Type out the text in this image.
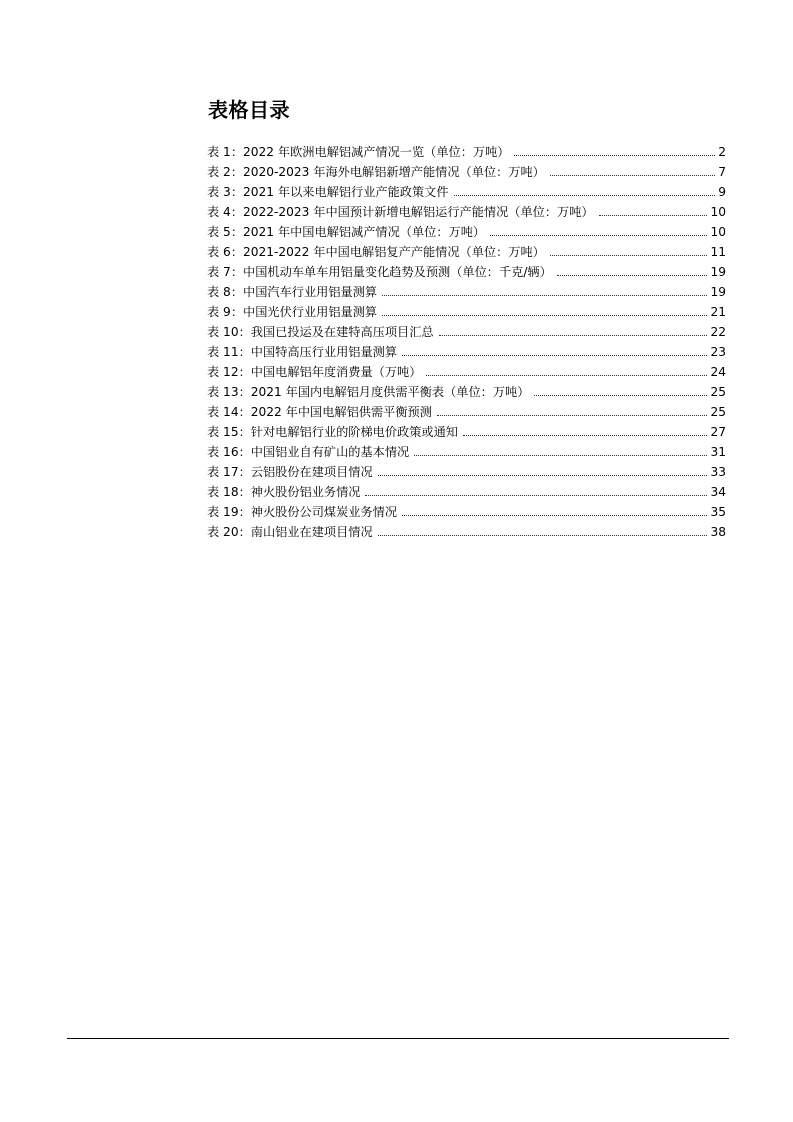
表格目录
表 1：2022 年欧洲电解铝减产情况一览（单位：万吨）	2
表 2：2020-2023 年海外电解铝新增产能情况（单位：万吨）	7
表 3：2021 年以来电解铝行业产能政策文件	9
表 4：2022-2023 年中国预计新增电解铝运行产能情况（单位：万吨）	10
表 5：2021 年中国电解铝减产情况（单位：万吨）	10
表 6：2021-2022 年中国电解铝复产产能情况（单位：万吨）	11
表 7：中国机动车单车用铝量变化趋势及预测（单位：千克/辆）	19
表 8：中国汽车行业用铝量测算	19
表 9：中国光伏行业用铝量测算	21
表 10：我国已投运及在建特高压项目汇总	22
表 11：中国特高压行业用铝量测算	23
表 12：中国电解铝年度消费量（万吨）	24
表 13：2021 年国内电解铝月度供需平衡表（单位：万吨）	25
表 14：2022 年中国电解铝供需平衡预测	25
表 15：针对电解铝行业的阶梯电价政策或通知	27
表 16：中国铝业自有矿山的基本情况	31
表 17：云铝股份在建项目情况	33
表 18：神火股份铝业务情况	34
表 19：神火股份公司煤炭业务情况	35
表 20：南山铝业在建项目情况	38
